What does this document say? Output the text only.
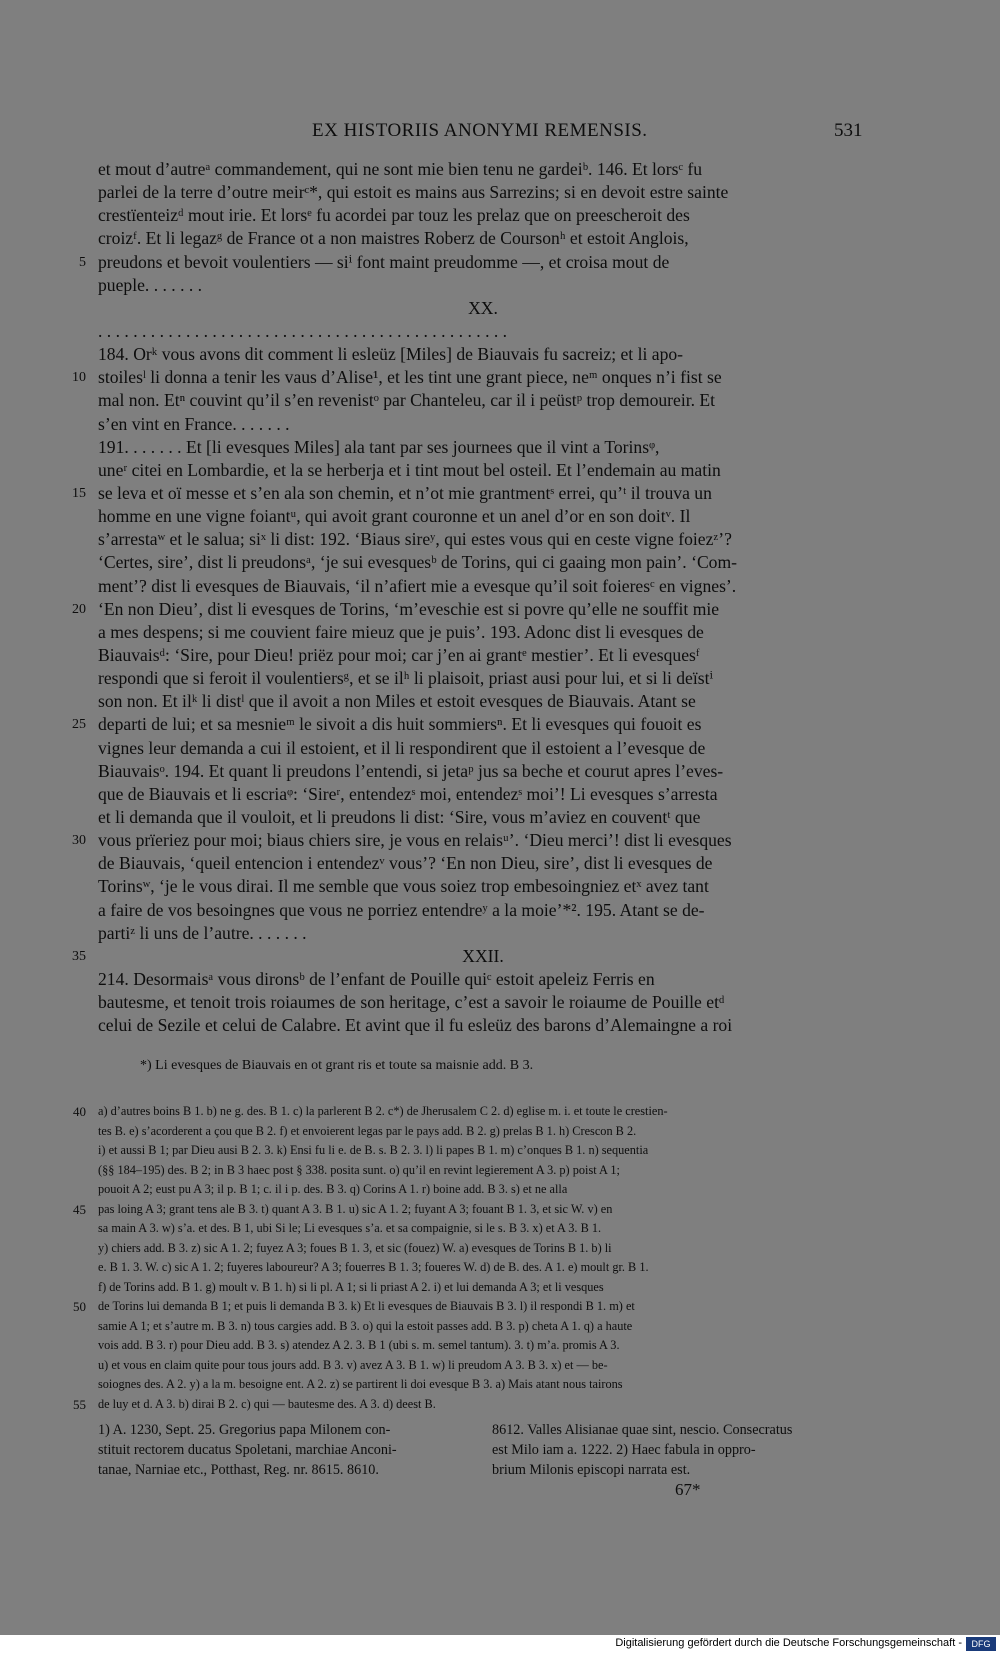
EX HISTORIIS ANONYMI REMENSIS.	531
et mout d’autreᵃ commandement, qui ne sont mie bien tenu ne gardeiᵇ. 146. Et lorsᶜ fu
parlei de la terre d’outre meirᶜ*, qui estoit es mains aus Sarrezins; si en devoit estre sainte
crestïenteizᵈ mout irie. Et lorsᵉ fu acordei par touz les prelaz que on preescheroit des
croizᶠ. Et li legazᵍ de France ot a non maistres Roberz de Coursonʰ et estoit Anglois,
5 preudons et bevoit voulentiers — siⁱ font maint preudomme —, et croisa mout de
pueple. . . . . . .
XX.
. . . . . . . . . . . . . . . . . . . . . . . . . . . . . . . . . . . . . . . . . . . . . . .
184. Orᵏ vous avons dit comment li esleüz [Miles] de Biauvais fu sacreiz; et li apo-
10 stoilesˡ li donna a tenir les vaus d’Alise¹, et les tint une grant piece, neᵐ onques n’i fist se
mal non. Etⁿ couvint qu’il s’en revenistᵒ par Chanteleu, car il i peüstᵖ trop demoureir. Et
s’en vint en France. . . . . . .
191. . . . . . . Et [li evesques Miles] ala tant par ses journees que il vint a Torinsᵠ,
uneʳ citei en Lombardie, et la se herberja et i tint mout bel osteil. Et l’endemain au matin
15 se leva et oï messe et s’en ala son chemin, et n’ot mie grantmentˢ errei, qu’ᵗ il trouva un
homme en une vigne foiantᵘ, qui avoit grant couronne et un anel d’or en son doitᵛ. Il
s’arrestaʷ et le salua; siˣ li dist: 192. ‘Biaus sireʸ, qui estes vous qui en ceste vigne foiezᶻ’?
‘Certes, sire’, dist li preudonsᵃ, ‘je sui evesquesᵇ de Torins, qui ci gaaing mon pain’. ‘Com-
ment’? dist li evesques de Biauvais, ‘il n’afiert mie a evesque qu’il soit foieresᶜ en vignes’.
20 ‘En non Dieu’, dist li evesques de Torins, ‘m’eveschie est si povre qu’elle ne souffit mie
a mes despens; si me couvient faire mieuz que je puis’. 193. Adonc dist li evesques de
Biauvaisᵈ: ‘Sire, pour Dieu! priëz pour moi; car j’en ai grantᵉ mestier’. Et li evesquesᶠ
respondi que si feroit il voulentiersᵍ, et se ilʰ li plaisoit, priast ausi pour lui, et si li deïstⁱ
son non. Et ilᵏ li distˡ que il avoit a non Miles et estoit evesques de Biauvais. Atant se
25 departi de lui; et sa mesnieᵐ le sivoit a dis huit sommiersⁿ. Et li evesques qui fouoit es
vignes leur demanda a cui il estoient, et il li respondirent que il estoient a l’evesque de
Biauvaisᵒ. 194. Et quant li preudons l’entendi, si jetaᵖ jus sa beche et courut apres l’eves-
que de Biauvais et li escriaᵠ: ‘Sireʳ, entendezˢ moi, entendezˢ moi’! Li evesques s’arresta
et li demanda que il vouloit, et li preudons li dist: ‘Sire, vous m’aviez en couventᵗ que
30 vous prïeriez pour moi; biaus chiers sire, je vous en relaisᵘ’. ‘Dieu merci’! dist li evesques
de Biauvais, ‘queil entencion i entendezᵛ vous’? ‘En non Dieu, sire’, dist li evesques de
Torinsʷ, ‘je le vous dirai. Il me semble que vous soiez trop embesoingniez etˣ avez tant
a faire de vos besoingnes que vous ne porriez entendreʸ a la moie’*². 195. Atant se de-
partiᶻ li uns de l’autre. . . . . . .
35	XXII.
214. Desormaisᵃ vous dironsᵇ de l’enfant de Pouille quiᶜ estoit apeleiz Ferris en
bautesme, et tenoit trois roiaumes de son heritage, c’est a savoir le roiaume de Pouille etᵈ
celui de Sezile et celui de Calabre. Et avint que il fu esleüz des barons d’Alemaingne a roi
*) Li evesques de Biauvais en ot grant ris et toute sa maisnie add. B 3.
40 a) d’autres boins B 1. b) ne g. des. B 1. c) la parlerent B 2. c*) de Jherusalem C 2. d) eglise m. i. et toute le crestien-
tes B. e) s’acorderent a çou que B 2. f) et envoierent legas par le pays add. B 2. g) prelas B 1. h) Crescon B 2.
i) et aussi B 1; par Dieu ausi B 2. 3. k) Ensi fu li e. de B. s. B 2. 3. l) li papes B 1. m) c’onques B 1. n) sequentia
(§§ 184–195) des. B 2; in B 3 haec post § 338. posita sunt. o) qu’il en revint legierement A 3. p) poist A 1;
pouoit A 2; eust pu A 3; il p. B 1; c. il i p. des. B 3. q) Corins A 1. r) boine add. B 3. s) et ne alla
45 pas loing A 3; grant tens ale B 3. t) quant A 3. B 1. u) sic A 1. 2; fuyant A 3; fouant B 1. 3, et sic W. v) en
sa main A 3. w) s’a. et des. B 1, ubi Si le; Li evesques s’a. et sa compaignie, si le s. B 3. x) et A 3. B 1.
y) chiers add. B 3. z) sic A 1. 2; fuyez A 3; foues B 1. 3, et sic (fouez) W. a) evesques de Torins B 1. b) li
e. B 1. 3. W. c) sic A 1. 2; fuyeres laboureur? A 3; fouerres B 1. 3; foueres W. d) de B. des. A 1. e) moult gr. B 1.
f) de Torins add. B 1. g) moult v. B 1. h) si li pl. A 1; si li priast A 2. i) et lui demanda A 3; et li vesques
50 de Torins lui demanda B 1; et puis li demanda B 3. k) Et li evesques de Biauvais B 3. l) il respondi B 1. m) et
samie A 1; et s’autre m. B 3. n) tous cargies add. B 3. o) qui la estoit passes add. B 3. p) cheta A 1. q) a haute
vois add. B 3. r) pour Dieu add. B 3. s) atendez A 2. 3. B 1 (ubi s. m. semel tantum). 3. t) m’a. promis A 3.
u) et vous en claim quite pour tous jours add. B 3. v) avez A 3. B 1. w) li preudom A 3. B 3. x) et — be-
soiognes des. A 2. y) a la m. besoigne ent. A 2. z) se partirent li doi evesque B 3. a) Mais atant nous tairons
55 de luy et d. A 3. b) dirai B 2. c) qui — bautesme des. A 3. d) deest B.
1) A. 1230, Sept. 25. Gregorius papa Milonem con-
stituit rectorem ducatus Spoletani, marchiae Anconi-
tanae, Narniae etc., Potthast, Reg. nr. 8615. 8610.
8612. Valles Alisianae quae sint, nescio. Consecratus
est Milo iam a. 1222. 2) Haec fabula in oppro-
brium Milonis episcopi narrata est.
67*
Digitalisierung gefördert durch die Deutsche Forschungsgemeinschaft -	DFG
